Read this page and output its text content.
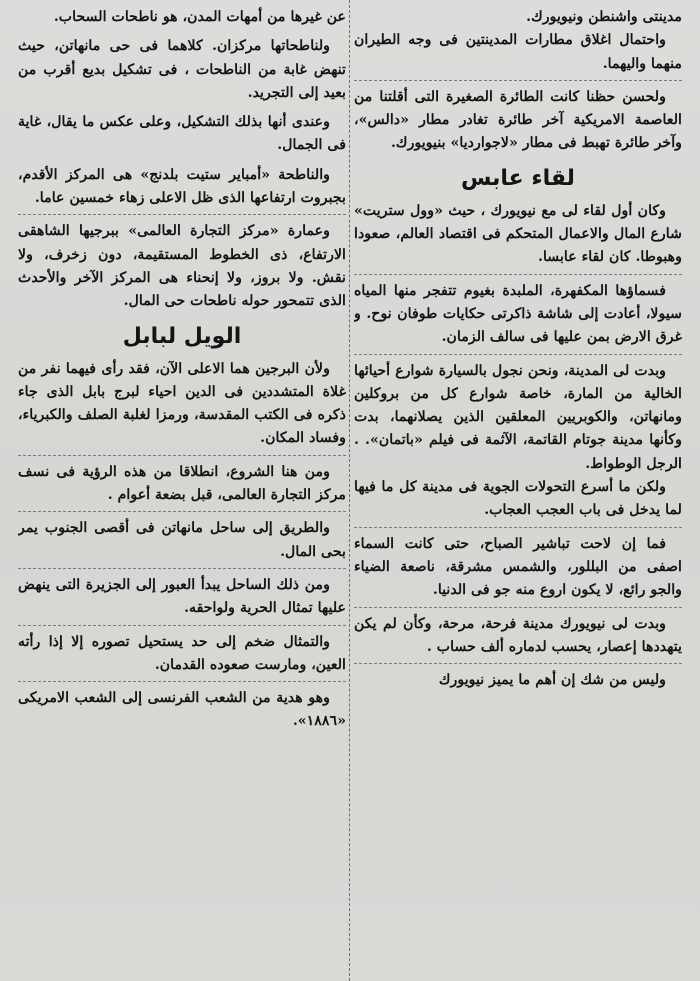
مدينتى واشنطن ونيويورك.

واحتمال اغلاق مطارات المدينتين فى وجه الطيران منهما واليهما.

ولحسن حظنا كانت الطائرة الصغيرة التى أقلتنا من العاصمة الامريكية آخر طائرة تغادر مطار «دالس»، وآخر طائرة تهبط فى مطار «لاجوارديا» بنيويورك.

لقاء عابس

وكان أول لقاء لى مع نيويورك ، حيث «وول ستريت» شارع المال والاعمال المتحكم فى اقتصاد العالم، صعودا وهبوطا. كان لقاء عابسا.

فسماؤها المكفهرة، الملبدة بغيوم تتفجر منها المياه سيولا، أعادت إلى شاشة ذاكرتى حكايات طوفان نوح. و غرق الارض بمن عليها فى سالف الزمان.

وبدت لى المدينة، ونحن نجول بالسيارة شوارع أحيائها الخالية من المارة، خاصة شوارع كل من بروكلين ومانهاتن، والكوبريين المعلقين الذين يصلانهما، بدت وكأنها مدينة جوتام القاتمة، الآثمة فى فيلم «باتمان». . الرجل الوطواط.

ولكن ما أسرع التحولات الجوية فى مدينة كل ما فيها لما يدخل فى باب العجب العجاب.

فما إن لاحت تباشير الصباح، حتى كانت السماء اصفى من البللور، والشمس مشرقة، ناصعة الضياء والجو رائع، لا يكون اروع منه جو فى الدنيا.

وبدت لى نيويورك مدينة فرحة، مرحة، وكأن لم يكن يتهددها إعصار، يحسب لدماره ألف حساب .

وليس من شك إن أهم ما يميز نيويورك

عن غيرها من أمهات المدن، هو ناطحات السحاب.

ولناطحاتها مركزان. كلاهما فى حى مانهاتن، حيث تنهض غابة من الناطحات ، فى تشكيل بديع أقرب من بعيد إلى التجريد.

وعندى أنها بذلك التشكيل، وعلى عكس ما يقال، غاية فى الجمال.

والناطحة «أمباير ستيت بلدنج» هى المركز الأقدم، بجبروت ارتفاعها الذى ظل الاعلى زهاء خمسين عاما.

وعمارة «مركز التجارة العالمى» ببرجيها الشاهقى الارتفاع، ذى الخطوط المستقيمة، دون زخرف، ولا نقش. ولا بروز، ولا إنحناء هى المركز الآخر والأحدث الذى تتمحور حوله ناطحات حى المال.

الويل لبابل

ولأن البرجين هما الاعلى الآن، فقد رأى فيهما نفر من غلاة المتشددين فى الدين احياء لبرج بابل الذى جاء ذكره فى الكتب المقدسة، ورمزا لغلبة الصلف والكبرياء، وفساد المكان.

ومن هنا الشروع، انطلاقا من هذه الرؤية فى نسف مركز التجارة العالمى، قبل بضعة أعوام .

والطريق إلى ساحل مانهاتن فى أقصى الجنوب يمر بحى المال.

ومن ذلك الساحل يبدأ العبور إلى الجزيرة التى ينهض عليها تمثال الحرية ولواحقه.

والتمثال ضخم إلى حد يستحيل تصوره إلا إذا رأته العين، ومارست صعوده القدمان.

وهو هدية من الشعب الفرنسى إلى الشعب الامريكى «١٨٨٦».
